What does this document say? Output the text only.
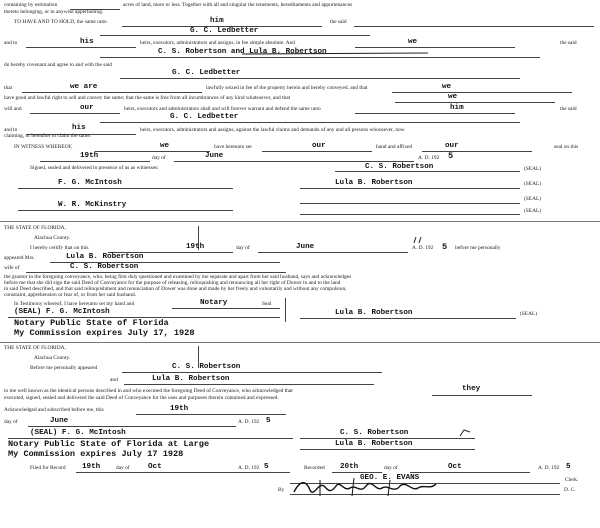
containing by estimation	acres of land, more or less. Together with all and singular the tenements, hereditaments and appurtenances
thereto belonging, or in anywise appertaining.
TO HAVE AND TO HOLD, the same unto	him	the said
G. C. Ledbetter
and to	his	heirs, executors, administrators and assigns, in fee simple absolute. And	we	the said
C. S. Robertson and Lula B. Robertson
do hereby covenant and agree to and with the said
G. C. Ledbetter
that	we are	lawfully seized in fee of the property herein and hereby conveyed, and that	we
have good and lawful right to sell and convey the same; that the same is free from all incumbrances of any kind whatsoever, and that	we
will and	our	heirs, executors and administrators shall and will forever warrant and defend the same unto	him	the said
G. C. Ledbetter
and to	his	heirs, executors, administrators and assigns, against the lawful claims and demands of any and all persons whosoever, now
claiming, or hereafter to claim the same.
IN WITNESS WHEREOF,	we	have hereunto set	our	hand and affixed	our	seal on this
19th	day of	June	A. D. 192 5
Signed, sealed and delivered in presence of us as witnesses:	C. S. Robertson	(SEAL)
F. G. McIntosh	Lula B. Robertson	(SEAL)
(SEAL)
W. R. McKinstry
(SEAL)
THE STATE OF FLORIDA,
Alachua County.
I hereby certify that on this	19th	day of	June	A. D. 192 5 before me personally
appeared Mrs.	Lula B. Robertson
wife of	C. S. Robertson
the grantor in the foregoing conveyance, who, being first duly questioned and examined by me separate and apart from her said husband, says and acknowledges
before me that she did sign the said Deed of Conveyance for the purpose of releasing, relinquishing and renouncing all her right of Dower in and to the land
in said Deed described, and that said relinquishment and renunciation of Dower was done and made by her freely and voluntarily and without any compulsion,
constraint, apprehension or fear of, or from her said husband.
In Testimony whereof, I have hereunto set my hand and	Notary	Seal
(SEAL) F. G. McIntosh
Notary Public State of Florida
My Commission expires July 17, 1928
Lula B. Robertson	(SEAL)
THE STATE OF FLORIDA,
Alachua County.
Before me personally appeared	C. S. Robertson
and	Lula B. Robertson
to me well known as the identical persons described in and who executed the foregoing Deed of Conveyance, who acknowledged that	they
executed, signed, sealed and delivered the said Deed of Conveyance for the uses and purposes therein contained and expressed.
Acknowledged and subscribed before me, this	19th
day of	June	A. D. 192 5
(SEAL) F. G. McIntosh
Notary Public State of Florida at Large
My Commission expires July 17 1928
C. S. Robertson
Lula B. Robertson
Filed for Record 19th	day of Oct	A. D. 192 5	Recorded 20th	day of	Oct	A. D. 192 5
GEO. E. EVANS	Clerk.
By	D. C.
